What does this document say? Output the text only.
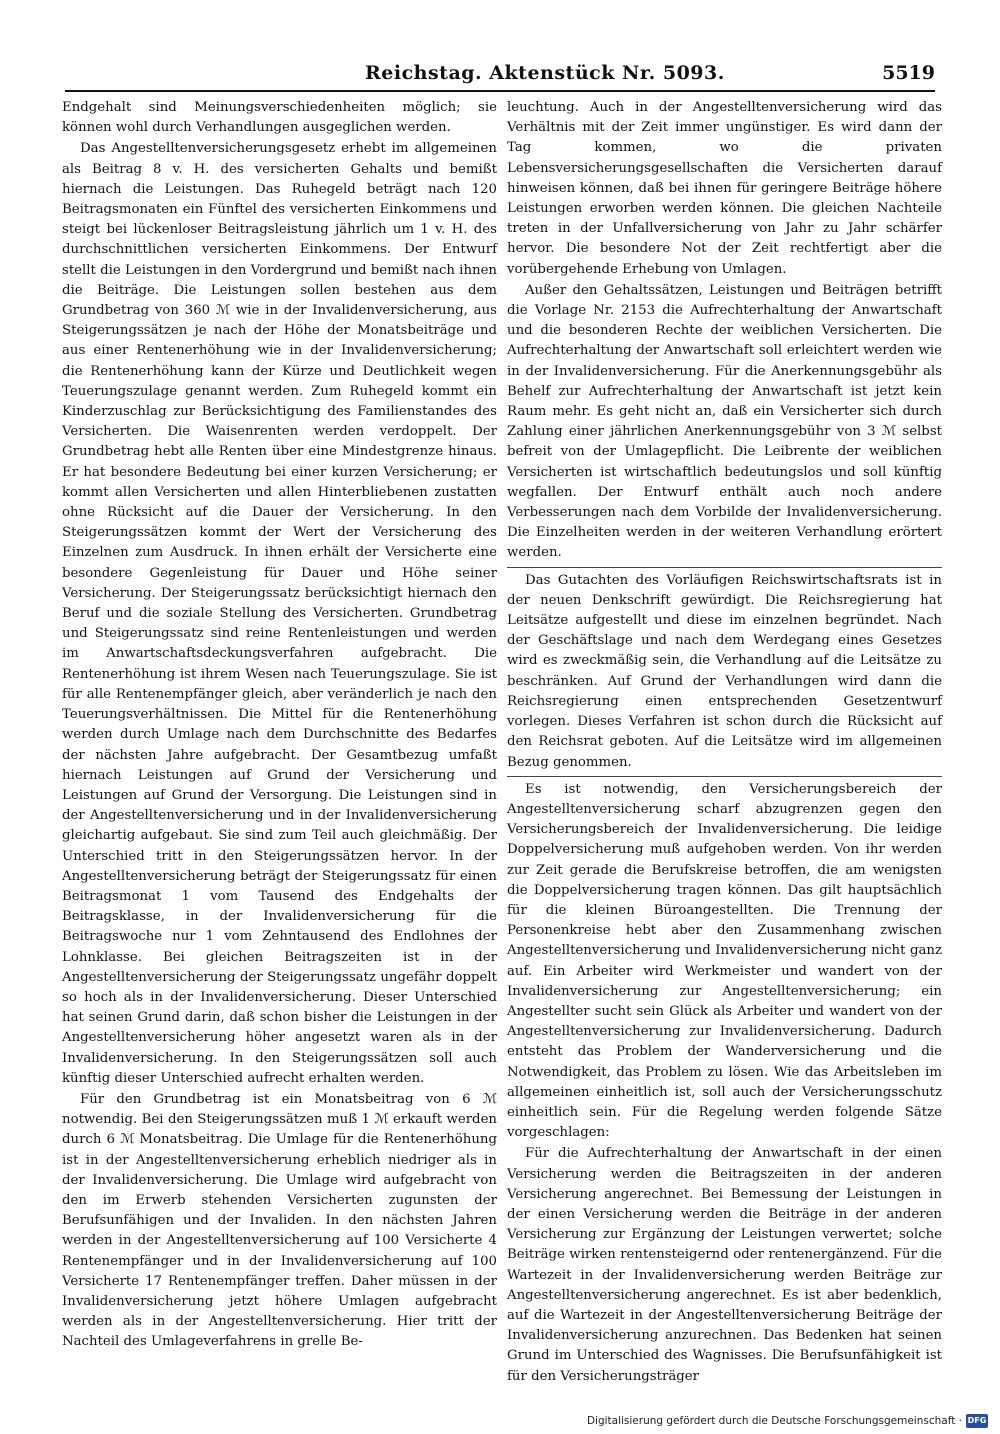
Reichstag. Aktenstück Nr. 5093.	5519

Endgehalt sind Meinungsverschiedenheiten möglich; sie können wohl durch Verhandlungen ausgeglichen werden.

Das Angestelltenversicherungsgesetz erhebt im allgemeinen als Beitrag 8 v. H. des versicherten Gehalts und bemißt hiernach die Leistungen. Das Ruhegeld beträgt nach 120 Beitragsmonaten ein Fünftel des versicherten Einkommens und steigt bei lückenloser Beitragsleistung jährlich um 1 v. H. des durchschnittlichen versicherten Einkommens. Der Entwurf stellt die Leistungen in den Vordergrund und bemißt nach ihnen die Beiträge. Die Leistungen sollen bestehen aus dem Grundbetrag von 360 ℳ wie in der Invalidenversicherung, aus Steigerungssätzen je nach der Höhe der Monatsbeiträge und aus einer Rentenerhöhung wie in der Invalidenversicherung; die Rentenerhöhung kann der Kürze und Deutlichkeit wegen Teuerungszulage genannt werden. Zum Ruhegeld kommt ein Kinderzuschlag zur Berücksichtigung des Familienstandes des Versicherten. Die Waisenrenten werden verdoppelt. Der Grundbetrag hebt alle Renten über eine Mindestgrenze hinaus. Er hat besondere Bedeutung bei einer kurzen Versicherung; er kommt allen Versicherten und allen Hinterbliebenen zustatten ohne Rücksicht auf die Dauer der Versicherung. In den Steigerungssätzen kommt der Wert der Versicherung des Einzelnen zum Ausdruck. In ihnen erhält der Versicherte eine besondere Gegenleistung für Dauer und Höhe seiner Versicherung. Der Steigerungssatz berücksichtigt hiernach den Beruf und die soziale Stellung des Versicherten. Grundbetrag und Steigerungssatz sind reine Rentenleistungen und werden im Anwartschaftsdeckungsverfahren aufgebracht. Die Rentenerhöhung ist ihrem Wesen nach Teuerungszulage. Sie ist für alle Rentenempfänger gleich, aber veränderlich je nach den Teuerungsverhältnissen. Die Mittel für die Rentenerhöhung werden durch Umlage nach dem Durchschnitte des Bedarfes der nächsten Jahre aufgebracht. Der Gesamtbezug umfaßt hiernach Leistungen auf Grund der Versicherung und Leistungen auf Grund der Versorgung. Die Leistungen sind in der Angestelltenversicherung und in der Invalidenversicherung gleichartig aufgebaut. Sie sind zum Teil auch gleichmäßig. Der Unterschied tritt in den Steigerungssätzen hervor. In der Angestelltenversicherung beträgt der Steigerungssatz für einen Beitragsmonat 1 vom Tausend des Endgehalts der Beitragsklasse, in der Invalidenversicherung für die Beitragswoche nur 1 vom Zehntausend des Endlohnes der Lohnklasse. Bei gleichen Beitragszeiten ist in der Angestelltenversicherung der Steigerungssatz ungefähr doppelt so hoch als in der Invalidenversicherung. Dieser Unterschied hat seinen Grund darin, daß schon bisher die Leistungen in der Angestelltenversicherung höher angesetzt waren als in der Invalidenversicherung. In den Steigerungssätzen soll auch künftig dieser Unterschied aufrecht erhalten werden.

Für den Grundbetrag ist ein Monatsbeitrag von 6 ℳ notwendig. Bei den Steigerungssätzen muß 1 ℳ erkauft werden durch 6 ℳ Monatsbeitrag. Die Umlage für die Rentenerhöhung ist in der Angestelltenversicherung erheblich niedriger als in der Invalidenversicherung. Die Umlage wird aufgebracht von den im Erwerb stehenden Versicherten zugunsten der Berufsunfähigen und der Invaliden. In den nächsten Jahren werden in der Angestelltenversicherung auf 100 Versicherte 4 Rentenempfänger und in der Invalidenversicherung auf 100 Versicherte 17 Rentenempfänger treffen. Daher müssen in der Invalidenversicherung jetzt höhere Umlagen aufgebracht werden als in der Angestelltenversicherung. Hier tritt der Nachteil des Umlageverfahrens in grelle Be-

leuchtung. Auch in der Angestelltenversicherung wird das Verhältnis mit der Zeit immer ungünstiger. Es wird dann der Tag kommen, wo die privaten Lebensversicherungsgesellschaften die Versicherten darauf hinweisen können, daß bei ihnen für geringere Beiträge höhere Leistungen erworben werden können. Die gleichen Nachteile treten in der Unfallversicherung von Jahr zu Jahr schärfer hervor. Die besondere Not der Zeit rechtfertigt aber die vorübergehende Erhebung von Umlagen.

Außer den Gehaltssätzen, Leistungen und Beiträgen betrifft die Vorlage Nr. 2153 die Aufrechterhaltung der Anwartschaft und die besonderen Rechte der weiblichen Versicherten. Die Aufrechterhaltung der Anwartschaft soll erleichtert werden wie in der Invalidenversicherung. Für die Anerkennungsgebühr als Behelf zur Aufrechterhaltung der Anwartschaft ist jetzt kein Raum mehr. Es geht nicht an, daß ein Versicherter sich durch Zahlung einer jährlichen Anerkennungsgebühr von 3 ℳ selbst befreit von der Umlagepflicht. Die Leibrente der weiblichen Versicherten ist wirtschaftlich bedeutungslos und soll künftig wegfallen. Der Entwurf enthält auch noch andere Verbesserungen nach dem Vorbilde der Invalidenversicherung. Die Einzelheiten werden in der weiteren Verhandlung erörtert werden.

Das Gutachten des Vorläufigen Reichswirtschaftsrats ist in der neuen Denkschrift gewürdigt. Die Reichsregierung hat Leitsätze aufgestellt und diese im einzelnen begründet. Nach der Geschäftslage und nach dem Werdegang eines Gesetzes wird es zweckmäßig sein, die Verhandlung auf die Leitsätze zu beschränken. Auf Grund der Verhandlungen wird dann die Reichsregierung einen entsprechenden Gesetzentwurf vorlegen. Dieses Verfahren ist schon durch die Rücksicht auf den Reichsrat geboten. Auf die Leitsätze wird im allgemeinen Bezug genommen.

Es ist notwendig, den Versicherungsbereich der Angestelltenversicherung scharf abzugrenzen gegen den Versicherungsbereich der Invalidenversicherung. Die leidige Doppelversicherung muß aufgehoben werden. Von ihr werden zur Zeit gerade die Berufskreise betroffen, die am wenigsten die Doppelversicherung tragen können. Das gilt hauptsächlich für die kleinen Büroangestellten. Die Trennung der Personenkreise hebt aber den Zusammenhang zwischen Angestelltenversicherung und Invalidenversicherung nicht ganz auf. Ein Arbeiter wird Werkmeister und wandert von der Invalidenversicherung zur Angestelltenversicherung; ein Angestellter sucht sein Glück als Arbeiter und wandert von der Angestelltenversicherung zur Invalidenversicherung. Dadurch entsteht das Problem der Wanderversicherung und die Notwendigkeit, das Problem zu lösen. Wie das Arbeitsleben im allgemeinen einheitlich ist, soll auch der Versicherungsschutz einheitlich sein. Für die Regelung werden folgende Sätze vorgeschlagen:

Für die Aufrechterhaltung der Anwartschaft in der einen Versicherung werden die Beitragszeiten in der anderen Versicherung angerechnet. Bei Bemessung der Leistungen in der einen Versicherung werden die Beiträge in der anderen Versicherung zur Ergänzung der Leistungen verwertet; solche Beiträge wirken rentensteigernd oder rentenergänzend. Für die Wartezeit in der Invalidenversicherung werden Beiträge zur Angestelltenversicherung angerechnet. Es ist aber bedenklich, auf die Wartezeit in der Angestelltenversicherung Beiträge der Invalidenversicherung anzurechnen. Das Bedenken hat seinen Grund im Unterschied des Wagnisses. Die Berufsunfähigkeit ist für den Versicherungsträger

Digitalisierung gefördert durch die Deutsche Forschungsgemeinschaft · DFG
